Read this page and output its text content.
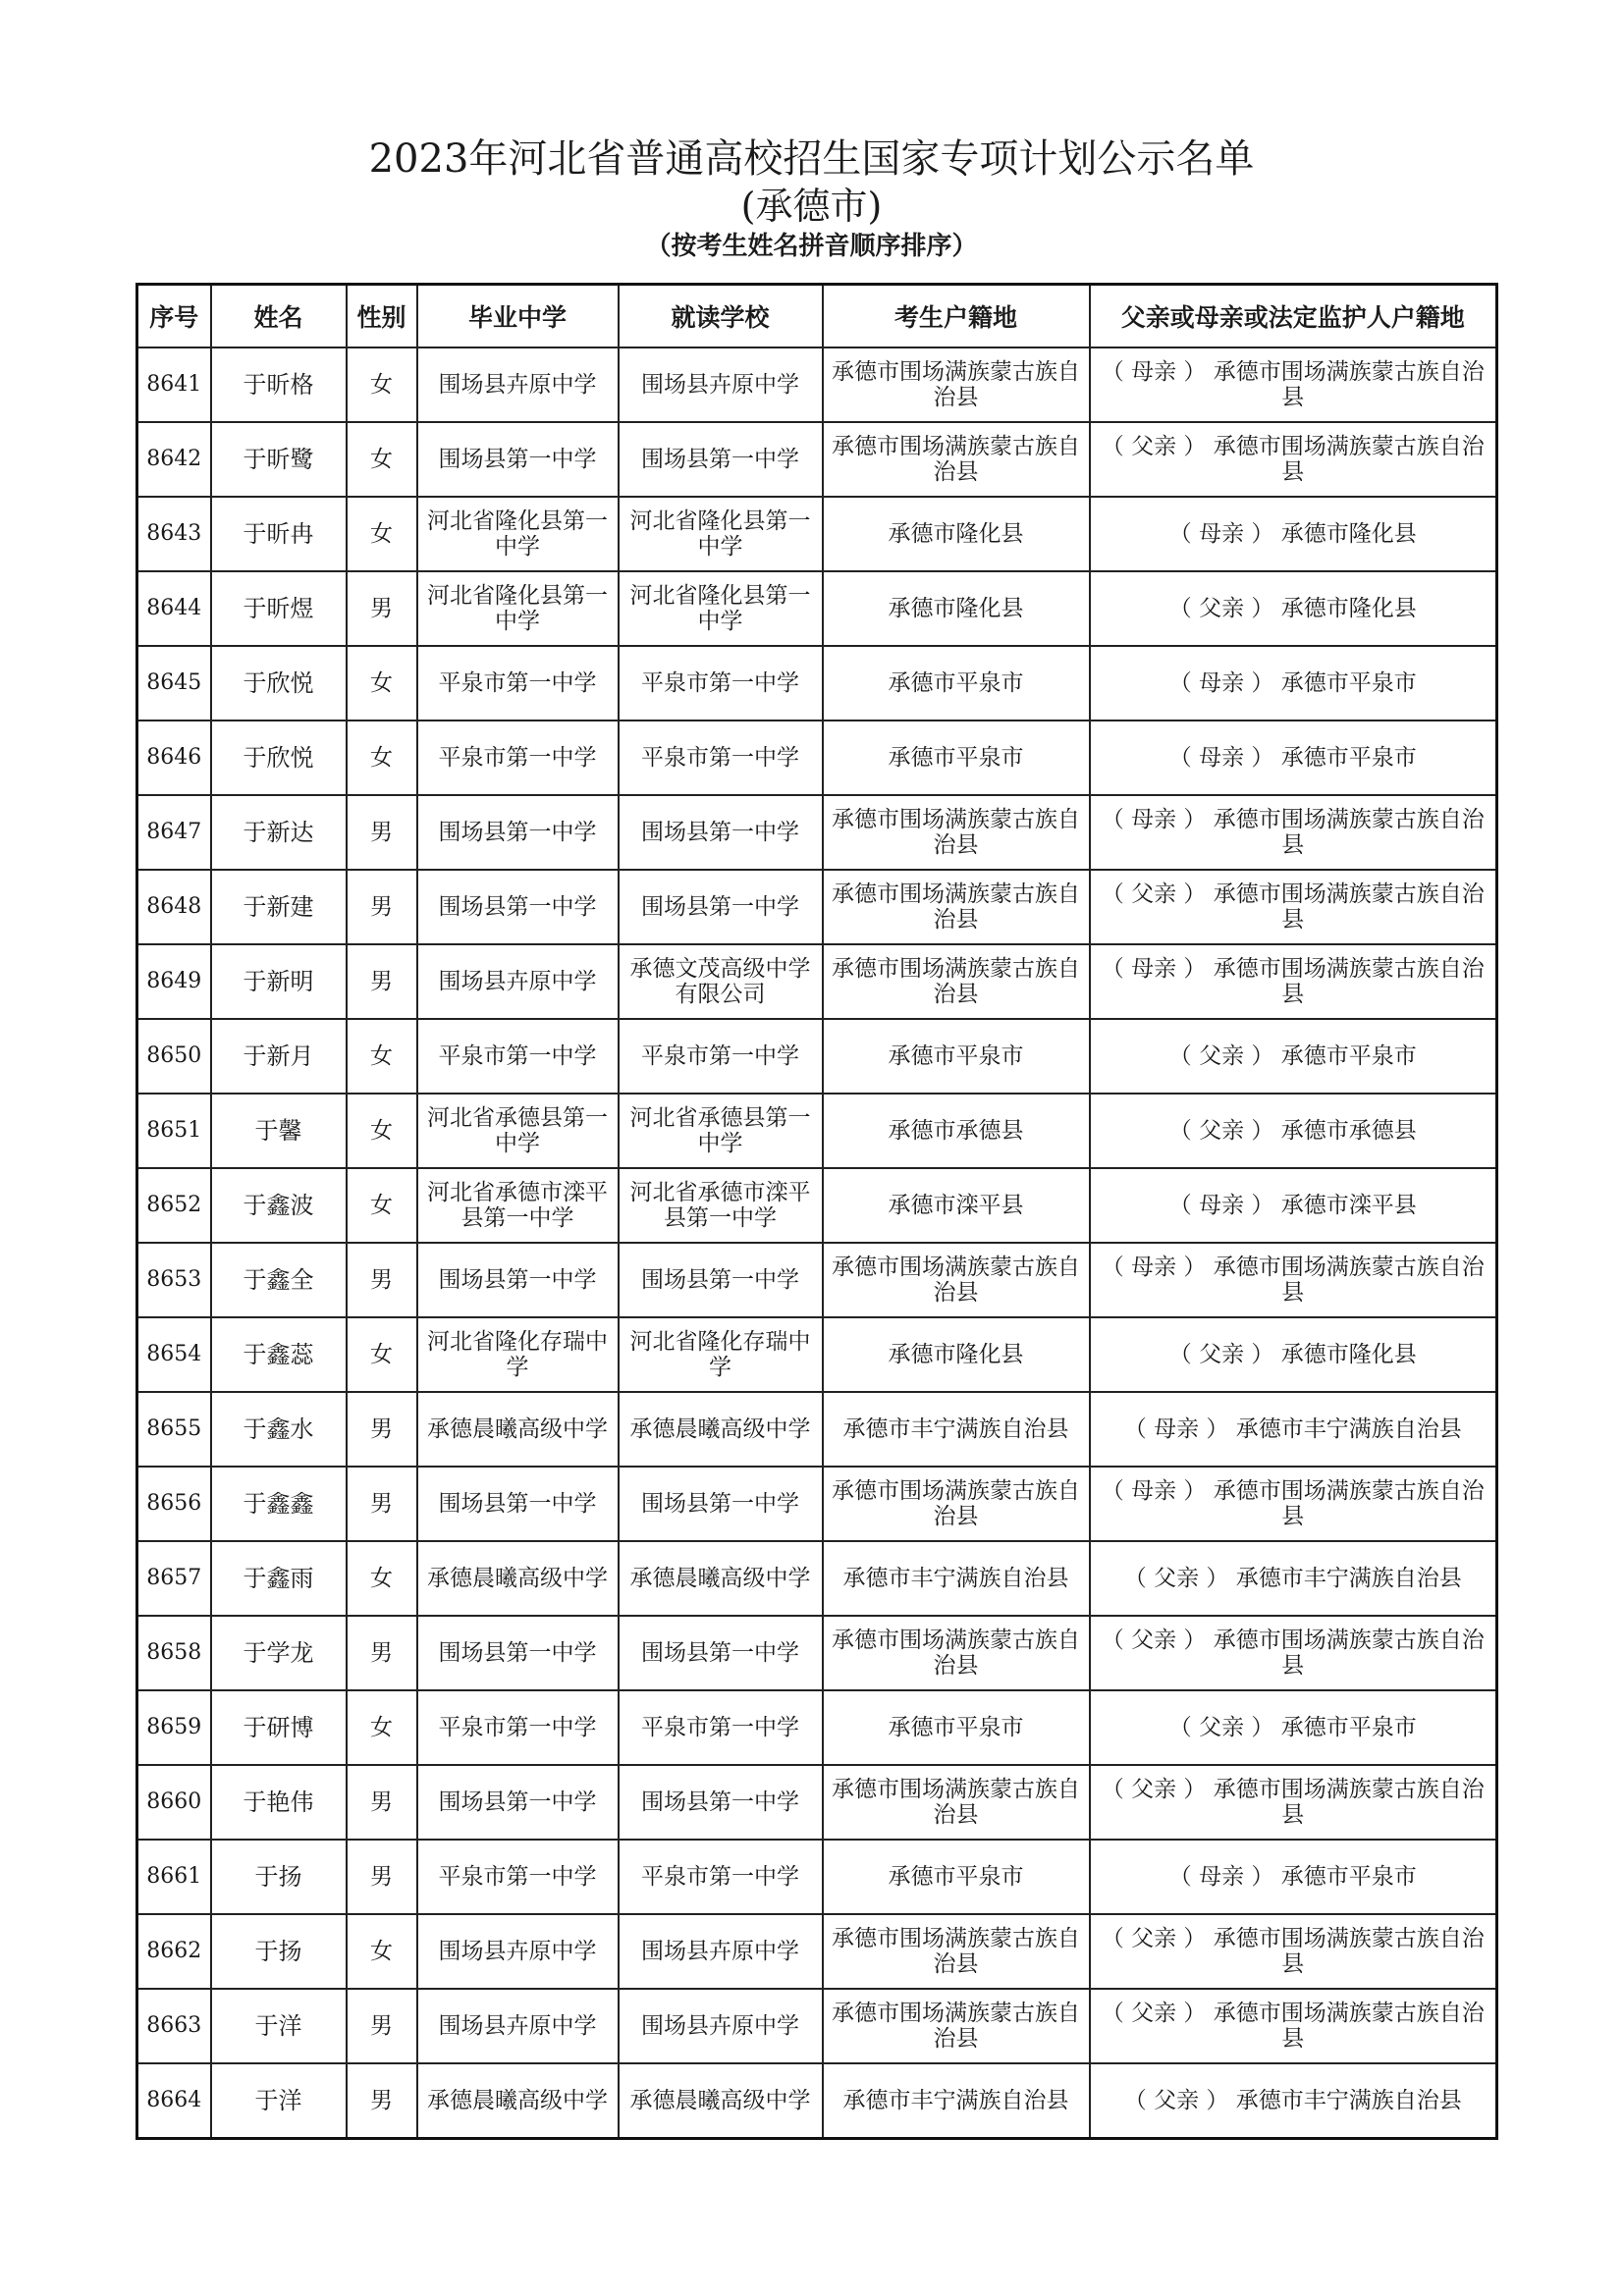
2023年河北省普通高校招生国家专项计划公示名单
(承德市)
（按考生姓名拼音顺序排序）
序号	姓名	性别	毕业中学	就读学校	考生户籍地	父亲或母亲或法定监护人户籍地
8641	于昕格	女	围场县卉原中学	围场县卉原中学	承德市围场满族蒙古族自治县	（ 母亲 ） 承德市围场满族蒙古族自治县
8642	于昕鹭	女	围场县第一中学	围场县第一中学	承德市围场满族蒙古族自治县	（ 父亲 ） 承德市围场满族蒙古族自治县
8643	于昕冉	女	河北省隆化县第一中学	河北省隆化县第一中学	承德市隆化县	（ 母亲 ） 承德市隆化县
8644	于昕煜	男	河北省隆化县第一中学	河北省隆化县第一中学	承德市隆化县	（ 父亲 ） 承德市隆化县
8645	于欣悦	女	平泉市第一中学	平泉市第一中学	承德市平泉市	（ 母亲 ） 承德市平泉市
8646	于欣悦	女	平泉市第一中学	平泉市第一中学	承德市平泉市	（ 母亲 ） 承德市平泉市
8647	于新达	男	围场县第一中学	围场县第一中学	承德市围场满族蒙古族自治县	（ 母亲 ） 承德市围场满族蒙古族自治县
8648	于新建	男	围场县第一中学	围场县第一中学	承德市围场满族蒙古族自治县	（ 父亲 ） 承德市围场满族蒙古族自治县
8649	于新明	男	围场县卉原中学	承德文茂高级中学有限公司	承德市围场满族蒙古族自治县	（ 母亲 ） 承德市围场满族蒙古族自治县
8650	于新月	女	平泉市第一中学	平泉市第一中学	承德市平泉市	（ 父亲 ） 承德市平泉市
8651	于馨	女	河北省承德县第一中学	河北省承德县第一中学	承德市承德县	（ 父亲 ） 承德市承德县
8652	于鑫波	女	河北省承德市滦平县第一中学	河北省承德市滦平县第一中学	承德市滦平县	（ 母亲 ） 承德市滦平县
8653	于鑫全	男	围场县第一中学	围场县第一中学	承德市围场满族蒙古族自治县	（ 母亲 ） 承德市围场满族蒙古族自治县
8654	于鑫蕊	女	河北省隆化存瑞中学	河北省隆化存瑞中学	承德市隆化县	（ 父亲 ） 承德市隆化县
8655	于鑫水	男	承德晨曦高级中学	承德晨曦高级中学	承德市丰宁满族自治县	（ 母亲 ） 承德市丰宁满族自治县
8656	于鑫鑫	男	围场县第一中学	围场县第一中学	承德市围场满族蒙古族自治县	（ 母亲 ） 承德市围场满族蒙古族自治县
8657	于鑫雨	女	承德晨曦高级中学	承德晨曦高级中学	承德市丰宁满族自治县	（ 父亲 ） 承德市丰宁满族自治县
8658	于学龙	男	围场县第一中学	围场县第一中学	承德市围场满族蒙古族自治县	（ 父亲 ） 承德市围场满族蒙古族自治县
8659	于研博	女	平泉市第一中学	平泉市第一中学	承德市平泉市	（ 父亲 ） 承德市平泉市
8660	于艳伟	男	围场县第一中学	围场县第一中学	承德市围场满族蒙古族自治县	（ 父亲 ） 承德市围场满族蒙古族自治县
8661	于扬	男	平泉市第一中学	平泉市第一中学	承德市平泉市	（ 母亲 ） 承德市平泉市
8662	于扬	女	围场县卉原中学	围场县卉原中学	承德市围场满族蒙古族自治县	（ 父亲 ） 承德市围场满族蒙古族自治县
8663	于洋	男	围场县卉原中学	围场县卉原中学	承德市围场满族蒙古族自治县	（ 父亲 ） 承德市围场满族蒙古族自治县
8664	于洋	男	承德晨曦高级中学	承德晨曦高级中学	承德市丰宁满族自治县	（ 父亲 ） 承德市丰宁满族自治县
